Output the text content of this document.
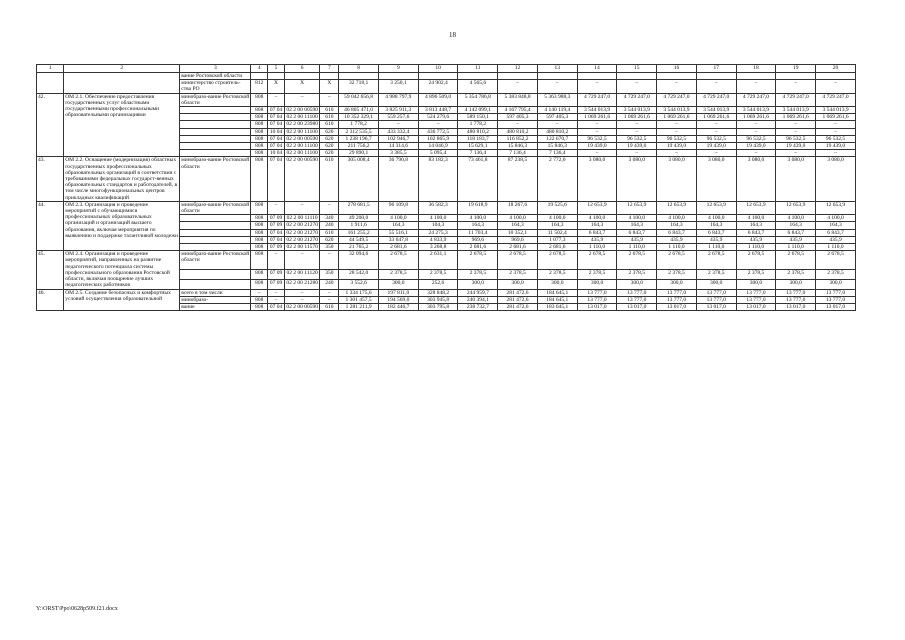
18
1	2	3	4	5	6	7	8	9	10	11	12	13	14	15	16	17	18	19	20
		вание Ростовской области																	
		министерство строитель-ства РО	812	Х	Х	Х	32 718,1	3 250,1	24 902,4	4 565,6	–	–	–	–	–	–	–	–	–
42.	ОМ 2.1. Обеспечение предоставления государственных услуг областными государственными профессиональными образовательными организациями	минобразо-вание Ростовской области	808	–	–	–	59 042 656,8	4 988 797,9	4 896 509,0	5 354 786,8	5 383 848,8	5 363 988,3	4 729 247,0	4 729 247,0	4 729 247,0	4 729 247,0	4 729 247,0	4 729 247,0	4 729 247,0
			808	07 04	02 2 00 00590	610	46 805 471,0	3 825 911,3	3 813 448,7	4 142 099,1	4 167 795,4	4 140 119,4	3 544 013,9	3 544 013,9	3 544 013,9	3 544 013,9	3 544 013,9	3 544 013,9	3 544 013,9
			808	07 04	02 2 00 11100	610	10 352 329,1	559 257,6	524 279,6	589 150,1	597 405,3	597 405,3	1 069 261,6	1 069 261,6	1 069 261,6	1 069 261,6	1 069 261,6	1 069 261,6	1 069 261,6
			808	07 04	02 2 00 23980	610	1 778,2	–	–	1 778,2	–	–	–	–	–	–	–	–	–
			808	10 04	02 2 00 11100	620	2 312 535,5	433 332,4	436 772,5	480 810,2	480 810,2	480 810,2	–	–	–	–	–	–	–
			808	07 04	02 2 00 00590	620	1 238 196,7	102 946,7	102 865,9	118 183,7	116 852,2	122 670,7	96 532,5	96 532,5	96 532,5	96 532,5	96 532,5	96 532,5	96 532,5
			808	07 04	02 2 00 11100	620	211 756,2	14 314,6	14 046,9	15 629,1	15 846,3	15 846,3	19 439,0	19 439,0	19 439,0	19 439,0	19 439,0	19 439,0	19 439,0
			808	10 04	02 2 00 11100	620	29 890,1	3 385,5	5 095,4	7 136,4	7 136,4	7 136,4	–	–	–	–	–	–	–
43.	ОМ 2.2. Оснащение (модернизация) областных государственных профессиональных образовательных организаций в соответствии с требованиями федеральных государст-венных образовательных стандартов и работодателей, в том числе многофункциональных центров прикладных квалификаций	минобразо-вание Ростовской области	808	07 04	02 2 00 00590	610	305 008,4	36 790,8	83 182,3	73 461,8	87 238,5	2 772,0	3 080,0	3 080,0	3 080,0	3 080,0	3 080,0	3 080,0	3 080,0
44.	ОМ 2.3. Организация и проведение мероприятий с обучающимися профессиональных образовательных организаций и организаций высшего образования, включая мероприятия по выявлению и поддержке талантливой молодежи	минобразо-вание Ростовской области	808	–	–	–	278 681,5	96 109,8	36 582,3	19 618,9	18 267,6	19 525,6	12 653,9	12 653,9	12 653,9	12 653,9	12 653,9	12 653,9	12 653,9
			808	07 09	02 2 00 11110	340	49 200,0	4 100,0	4 100,0	4 100,0	4 100,0	4 100,0	4 100,0	4 100,0	4 100,0	4 100,0	4 100,0	4 100,0	4 100,0
			808	07 09	02 2 00 21270	240	1 911,6	164,3	104,3	164,3	164,3	164,3	164,3	164,3	164,3	164,3	164,3	164,3	164,3
			808	07 04	02 2 00 21270	610	161 255,2	55 516,1	24 275,3	11 703,4	10 352,1	11 502,4	6 843,7	6 843,7	6 843,7	6 843,7	6 843,7	6 843,7	6 843,7
			808	07 04	02 2 00 21270	620	44 549,5	33 647,8	4 833,9	969,6	969,6	1 077,3	435,9	435,9	435,9	435,9	435,9	435,9	435,9
			808	07 09	02 2 00 11570	350	21 765,2	2 681,6	3 268,8	2 681,6	2 681,6	2 681,6	1 110,0	1 110,0	1 110,0	1 110,0	1 110,0	1 110,0	1 110,0
45.	ОМ 2.4. Организация и проведение мероприятий, направленных на развитие педагогического потенциала системы профессионального образования Ростовской области, включая поощрение лучших педагогических работников	минобразо-вание Ростовской области	808	–	–	–	32 094,6	2 678,5	2 631,1	2 678,5	2 678,5	2 678,5	2 678,5	2 678,5	2 678,5	2 678,5	2 678,5	2 678,5	2 678,5
			808	07 09	02 2 00 11120	350	28 542,0	2 378,5	2 378,5	2 378,5	2 378,5	2 378,5	2 378,5	2 378,5	2 378,5	2 378,5	2 378,5	2 378,5	2 378,5
			808	07 09	02 2 00 21280	240	3 552,6	300,0	252,6	300,0	300,0	300,0	300,0	300,0	300,0	300,0	300,0	300,0	300,0
46.	ОМ 2.5. Создание безопасных и комфортных условий осуществления образовательной	всего в том числе:	–	–	–	–	1 334 175,6	197 811,0	328 848,2	244 959,7	281 472,6	184 645,1	13 777,0	13 777,0	13 777,0	13 777,0	13 777,0	13 777,0	13 777,0
		минобразо-	808	–	–	–	1 301 457,5	194 569,0	303 945,8	240 394,1	281 472,6	184 645,1	13 777,0	13 777,0	13 777,0	13 777,0	13 777,0	13 777,0	13 777,0
		вание	808	07 04	02 2 00 00590	610	1 281 211,9	182 446,7	303 795,8	238 732,7	281 472,6	183 645,1	13 017,0	13 017,0	13 017,0	13 017,0	13 017,0	13 017,0	13 017,0
Y:\ORST\Ppo\0628p509.f21.docx
